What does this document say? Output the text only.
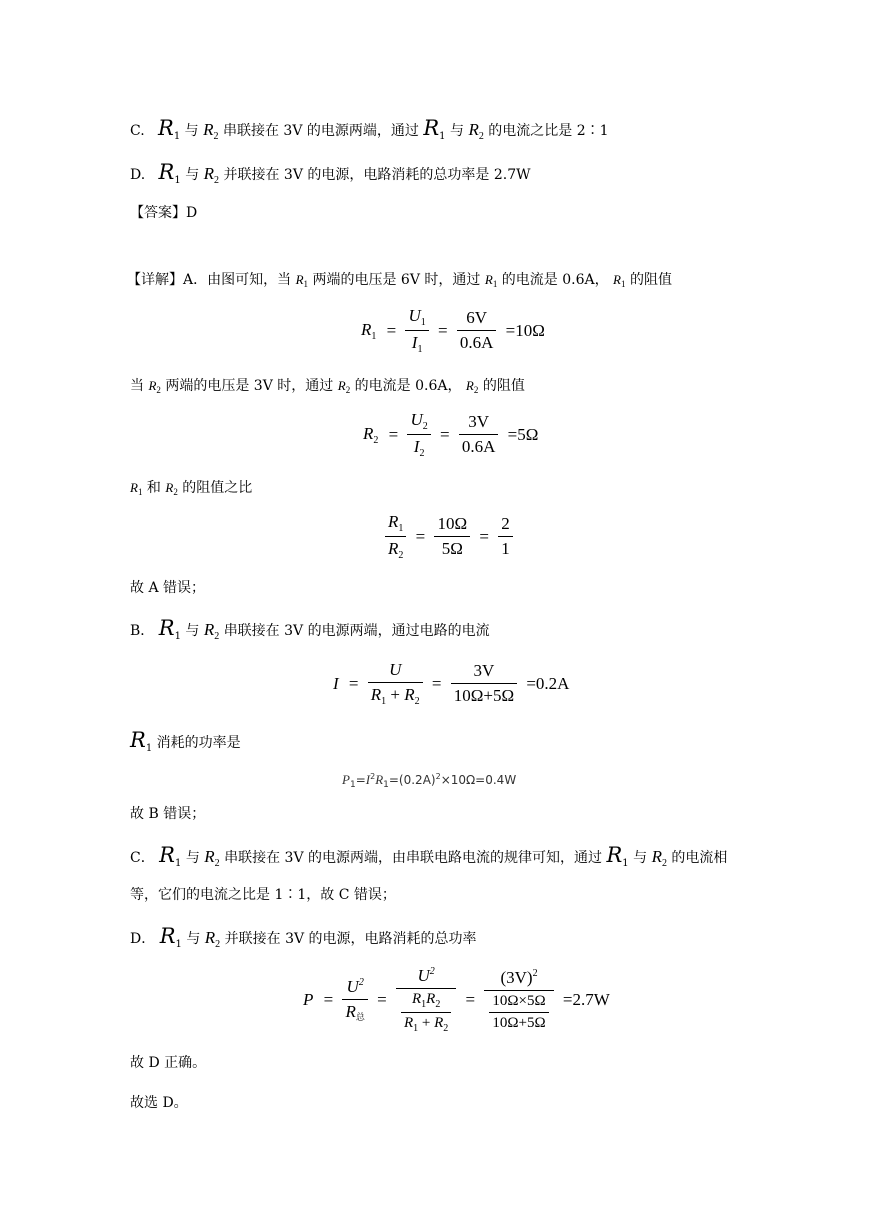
C. $R_1$ 与 $R_2$ 串联接在 3V 的电源两端，通过 $R_1$ 与 $R_2$ 的电流之比是 2∶1
D. $R_1$ 与 $R_2$ 并联接在 3V 的电源，电路消耗的总功率是 2.7W
【答案】D
【详解】A．由图可知，当 $R_1$ 两端的电压是 6V 时，通过 $R_1$ 的电流是 0.6A， $R_1$ 的阻值
$R_1 = \frac{U_1}{I_1} = \frac{6V}{0.6A} =10\Omega$
当 $R_2$ 两端的电压是 3V 时，通过 $R_2$ 的电流是 0.6A， $R_2$ 的阻值
$R_2 = \frac{U_2}{I_2} = \frac{3V}{0.6A} =5\Omega$
$R_1$ 和 $R_2$ 的阻值之比
$\frac{R_1}{R_2} = \frac{10\Omega}{5\Omega} = \frac{2}{1}$
故 A 错误；
B． $R_1$ 与 $R_2$ 串联接在 3V 的电源两端，通过电路的电流
$I = \frac{U}{R_1 + R_2} = \frac{3V}{10\Omega+5\Omega} =0.2A$
$R_1$ 消耗的功率是
$P_1=I^2R_1=(0.2A)^2\times 10\Omega=0.4W$
故 B 错误；
C． $R_1$ 与 $R_2$ 串联接在 3V 的电源两端，由串联电路电流的规律可知，通过 $R_1$ 与 $R_2$ 的电流相
等，它们的电流之比是 1∶1，故 C 错误；
D． $R_1$ 与 $R_2$ 并联接在 3V 的电源，电路消耗的总功率
$P = \frac{U^2}{\text{R总}} = \frac{U^2}{\frac{R_1R_2}{R_1 + R_2}} = \frac{(3V)^2}{\frac{10\Omega\times 5\Omega}{10\Omega+5\Omega}} =2.7W$
故 D 正确。
故选 D。
